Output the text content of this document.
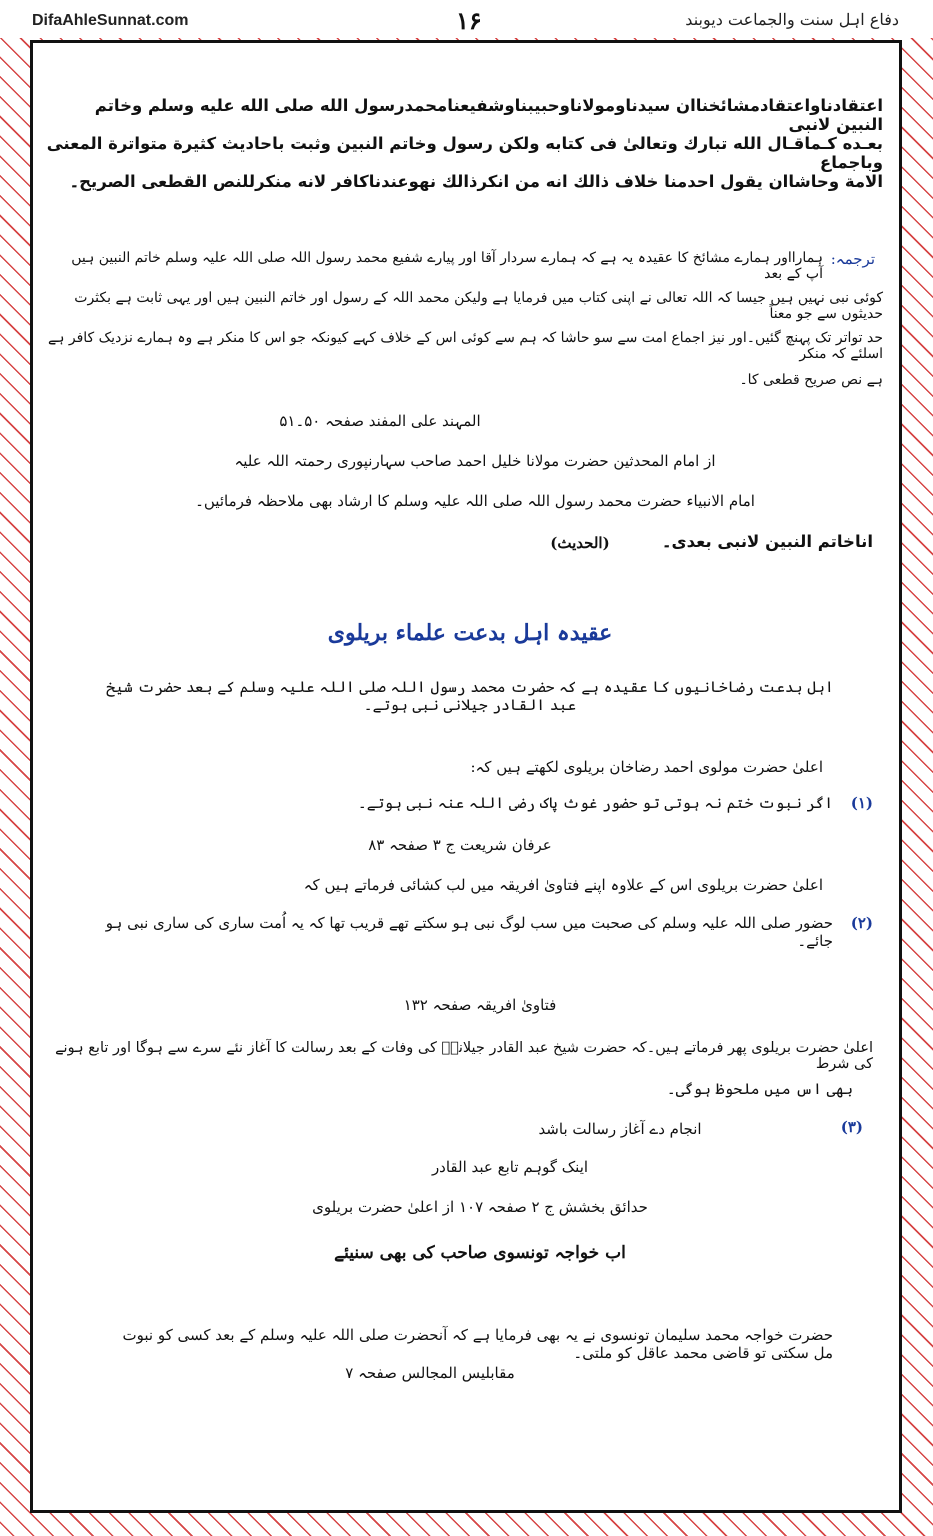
DifaAhleSunnat.com	۱۶	دفاع اہل سنت والجماعت دیوبند
اعتقادناواعتقادمشائخناان سیدناومولاناوحبیبناوشفیعنامحمدرسول الله صلی الله علیه وسلم وخاتم النبین لانبی
بعـده کـماقـال الله تبارك وتعالیٰ فی کتابه ولکن رسول وخاتم النبین وثبت باحادیث کثیرة متواترة المعنی وباجماع
الامة وحاشاان یقول احدمنا خلاف ذالك انه من انکرذالك نهوعندناکافر لانه منکرللنص القطعی الصریح۔
ترجمہ:
ہمارااور ہمارے مشائخ کا عقیدہ یہ ہے کہ ہمارے سردار آقا اور پیارے شفیع محمد رسول اللہ صلی اللہ علیہ وسلم خاتم النبین ہیں آپ کے بعد
کوئی نبی نہیں ہیں جیسا کہ اللہ تعالی نے اپنی کتاب میں فرمایا ہے ولیکن محمد اللہ کے رسول اور خاتم النبین ہیں اور یہی ثابت ہے بکثرت حدیثوں سے جو معناً
حد تواتر تک پہنچ گئیں۔اور نیز اجماع امت سے سو حاشا کہ ہم سے کوئی اس کے خلاف کہے کیونکہ جو اس کا منکر ہے وہ ہمارے نزدیک کافر ہے اسلئے کہ منکر
ہے نص صریح قطعی کا۔
المہند علی المفند صفحہ ۵۰۔۵۱
از امام المحدثین حضرت مولانا خلیل احمد صاحب سہارنپوری رحمتہ اللہ علیہ
امام الانبیاء حضرت محمد رسول اللہ صلی اللہ علیہ وسلم کا ارشاد بھی ملاحظہ فرمائیں۔
اناخاتم النبین لانبی بعدی۔
(الحدیث)
عقیدہ اہل بدعت علماء بریلوی
اہل بدعت رضاخانیوں کا عقیدہ ہے کہ حضرت محمد رسول اللہ صلی اللہ علیہ وسلم کے بعد حضرت شیخ عبد القادر جیلانی نبی ہوتے۔
اعلیٰ حضرت مولوی احمد رضاخان بریلوی لکھتے ہیں کہ:
(۱)
اگر نبوت ختم نہ ہوتی تو حضور غوث پاک رضی اللہ عنہ نبی ہوتے۔
عرفان شریعت ج ۳ صفحہ ۸۳
اعلیٰ حضرت بریلوی اس کے علاوہ اپنے فتاویٰ افریقہ میں لب کشائی فرماتے ہیں کہ
(۲)
حضور صلی اللہ علیہ وسلم کی صحبت میں سب لوگ نبی ہو سکتے تھے قریب تھا کہ یہ اُمت ساری کی ساری نبی ہو جائے۔
فتاویٰ افریقہ صفحہ ۱۳۲
اعلیٰ حضرت بریلوی پھر فرماتے ہیں۔کہ حضرت شیخ عبد القادر جیلانیؒ کی وفات کے بعد رسالت کا آغاز نئے سرے سے ہوگا اور تابع ہونے کی شرط
بھی اس میں ملحوظ ہوگی۔
(۳)
انجام دے آغاز رسالت باشد
اینک گوہم تابع عبد القادر
حدائق بخشش ج ۲ صفحہ ۱۰۷ از اعلیٰ حضرت بریلوی
اب خواجہ تونسوی صاحب کی بھی سنیئے
حضرت خواجہ محمد سلیمان تونسوی نے یہ بھی فرمایا ہے کہ آنحضرت صلی اللہ علیہ وسلم کے بعد کسی کو نبوت مل سکتی تو قاضی محمد عاقل کو ملتی۔
مقابلیس المجالس صفحہ ۷
